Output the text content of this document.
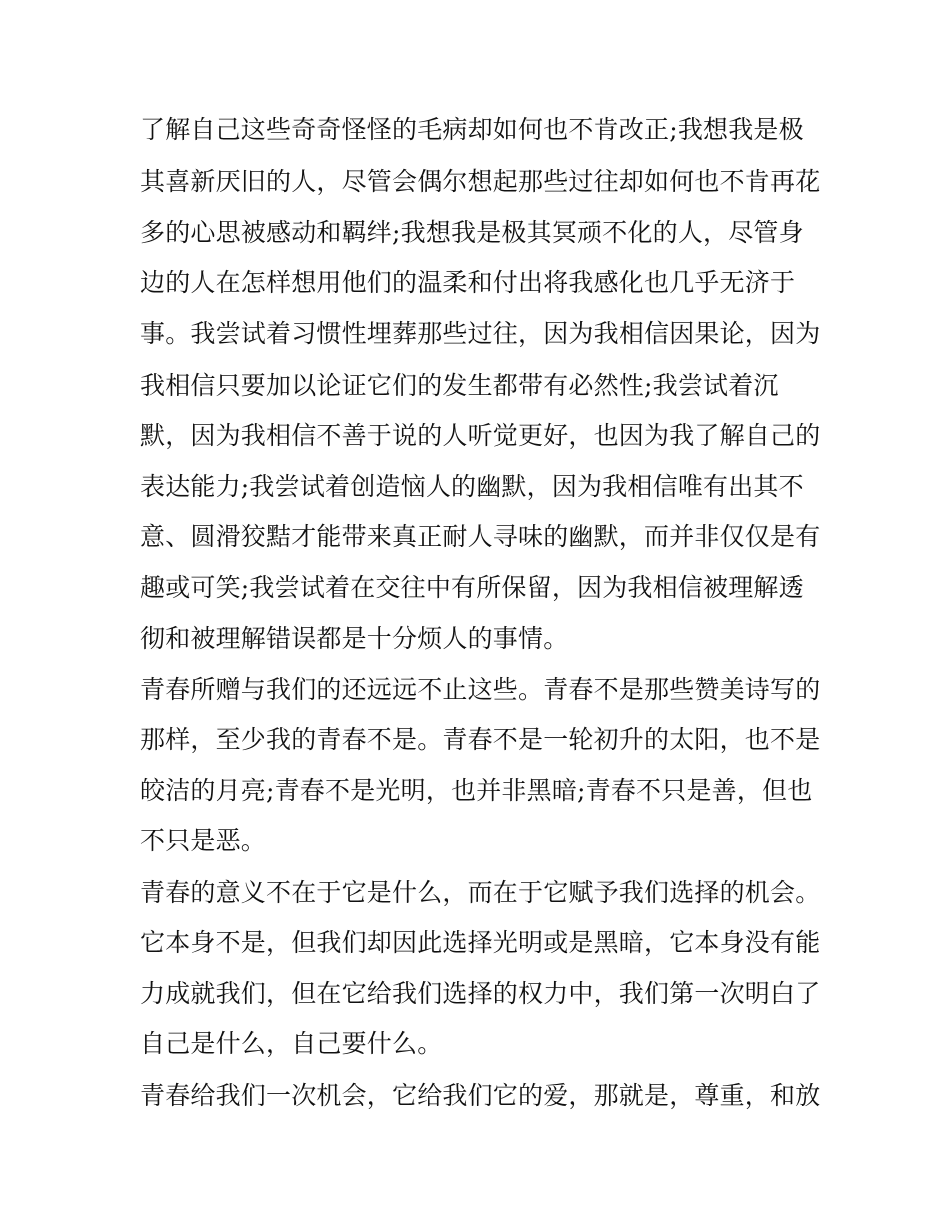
了解自己这些奇奇怪怪的毛病却如何也不肯改正;我想我是极
其喜新厌旧的人，尽管会偶尔想起那些过往却如何也不肯再花
多的心思被感动和羁绊;我想我是极其冥顽不化的人，尽管身
边的人在怎样想用他们的温柔和付出将我感化也几乎无济于
事。我尝试着习惯性埋葬那些过往，因为我相信因果论，因为
我相信只要加以论证它们的发生都带有必然性;我尝试着沉
默，因为我相信不善于说的人听觉更好，也因为我了解自己的
表达能力;我尝试着创造恼人的幽默，因为我相信唯有出其不
意、圆滑狡黠才能带来真正耐人寻味的幽默，而并非仅仅是有
趣或可笑;我尝试着在交往中有所保留，因为我相信被理解透
彻和被理解错误都是十分烦人的事情。
青春所赠与我们的还远远不止这些。青春不是那些赞美诗写的
那样，至少我的青春不是。青春不是一轮初升的太阳，也不是
皎洁的月亮;青春不是光明，也并非黑暗;青春不只是善，但也
不只是恶。
青春的意义不在于它是什么，而在于它赋予我们选择的机会。
它本身不是，但我们却因此选择光明或是黑暗，它本身没有能
力成就我们，但在它给我们选择的权力中，我们第一次明白了
自己是什么，自己要什么。
青春给我们一次机会，它给我们它的爱，那就是，尊重，和放
